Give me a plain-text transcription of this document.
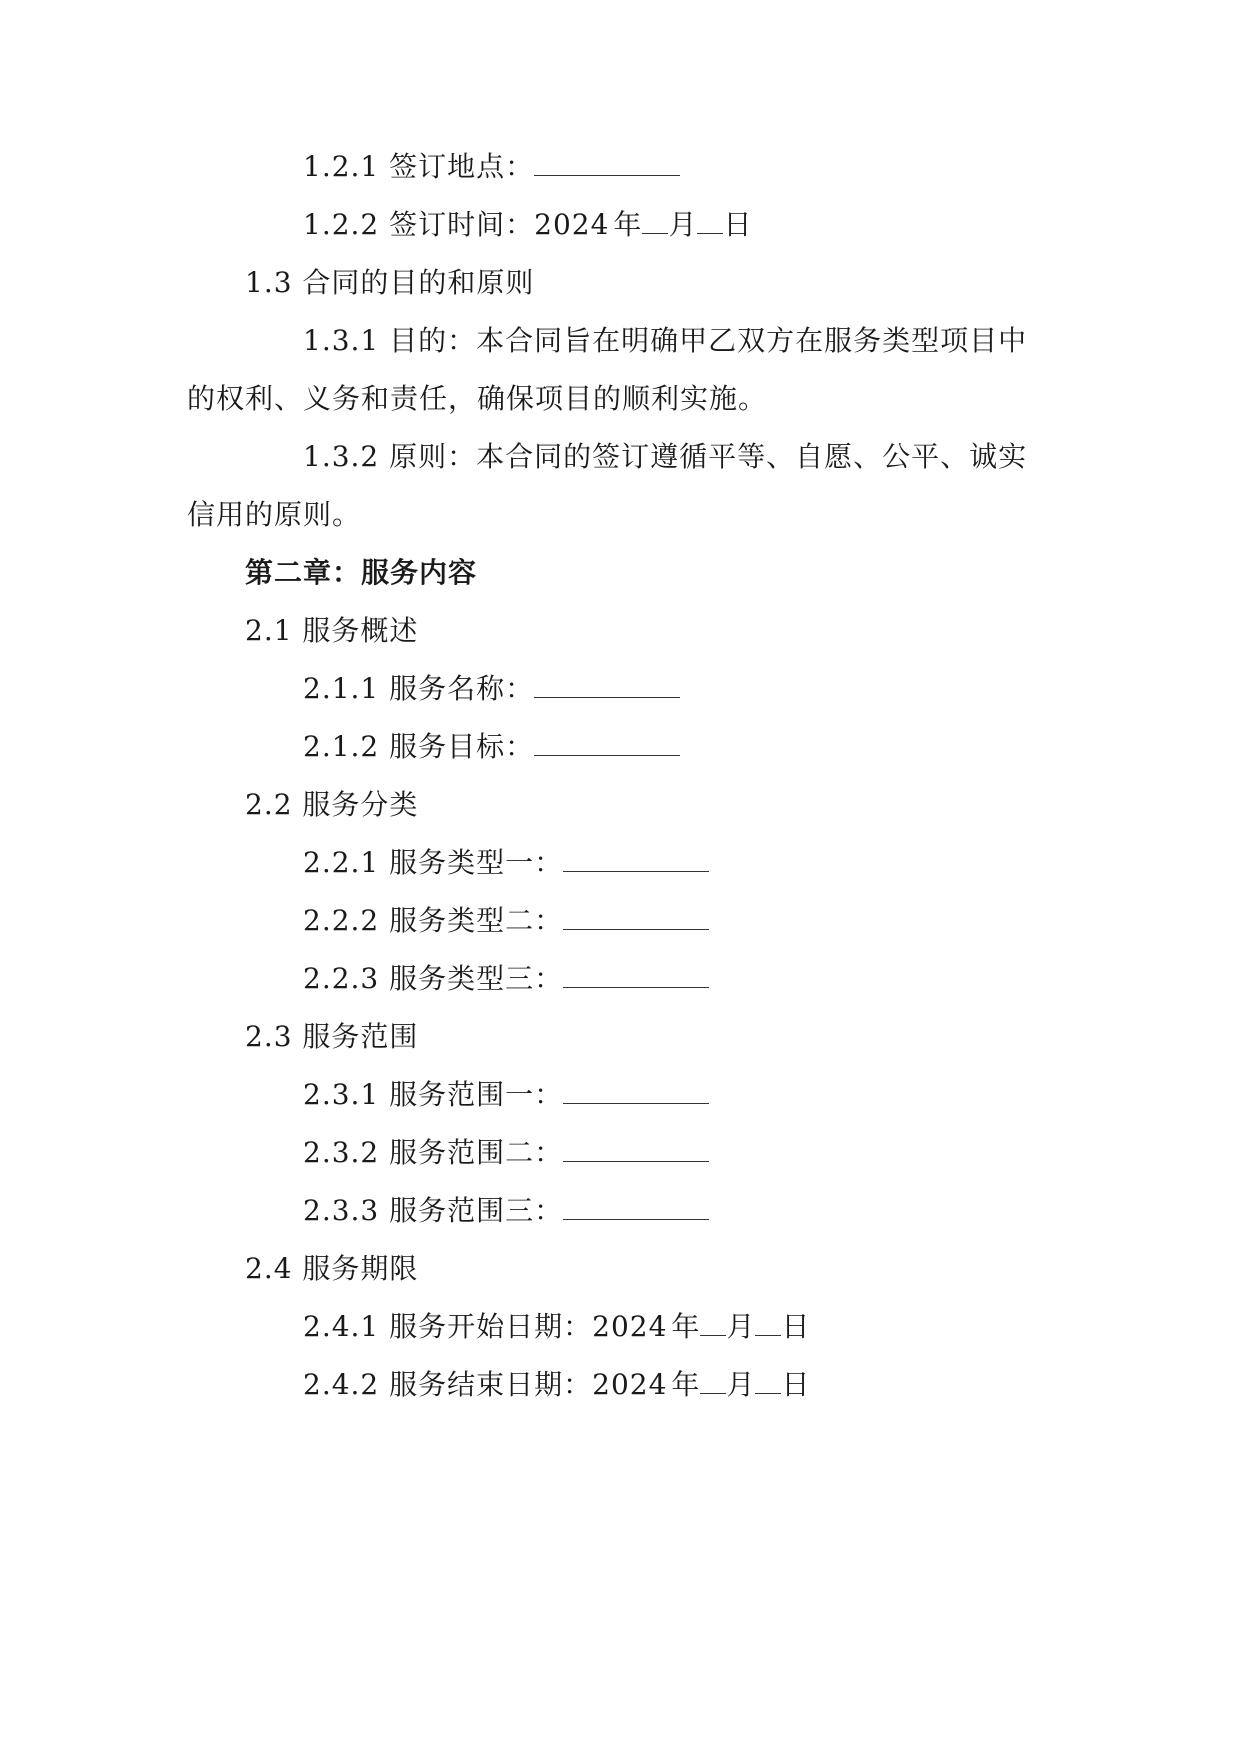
1.2.1 签订地点：
1.2.2 签订时间：2024 年 月 日
1.3 合同的目的和原则
1.3.1 目的：本合同旨在明确甲乙双方在服务类型项目中
的权利、义务和责任，确保项目的顺利实施。
1.3.2 原则：本合同的签订遵循平等、自愿、公平、诚实
信用的原则。
第二章：服务内容
2.1 服务概述
2.1.1 服务名称：
2.1.2 服务目标：
2.2 服务分类
2.2.1 服务类型一：
2.2.2 服务类型二：
2.2.3 服务类型三：
2.3 服务范围
2.3.1 服务范围一：
2.3.2 服务范围二：
2.3.3 服务范围三：
2.4 服务期限
2.4.1 服务开始日期：2024 年 月 日
2.4.2 服务结束日期：2024 年 月 日
